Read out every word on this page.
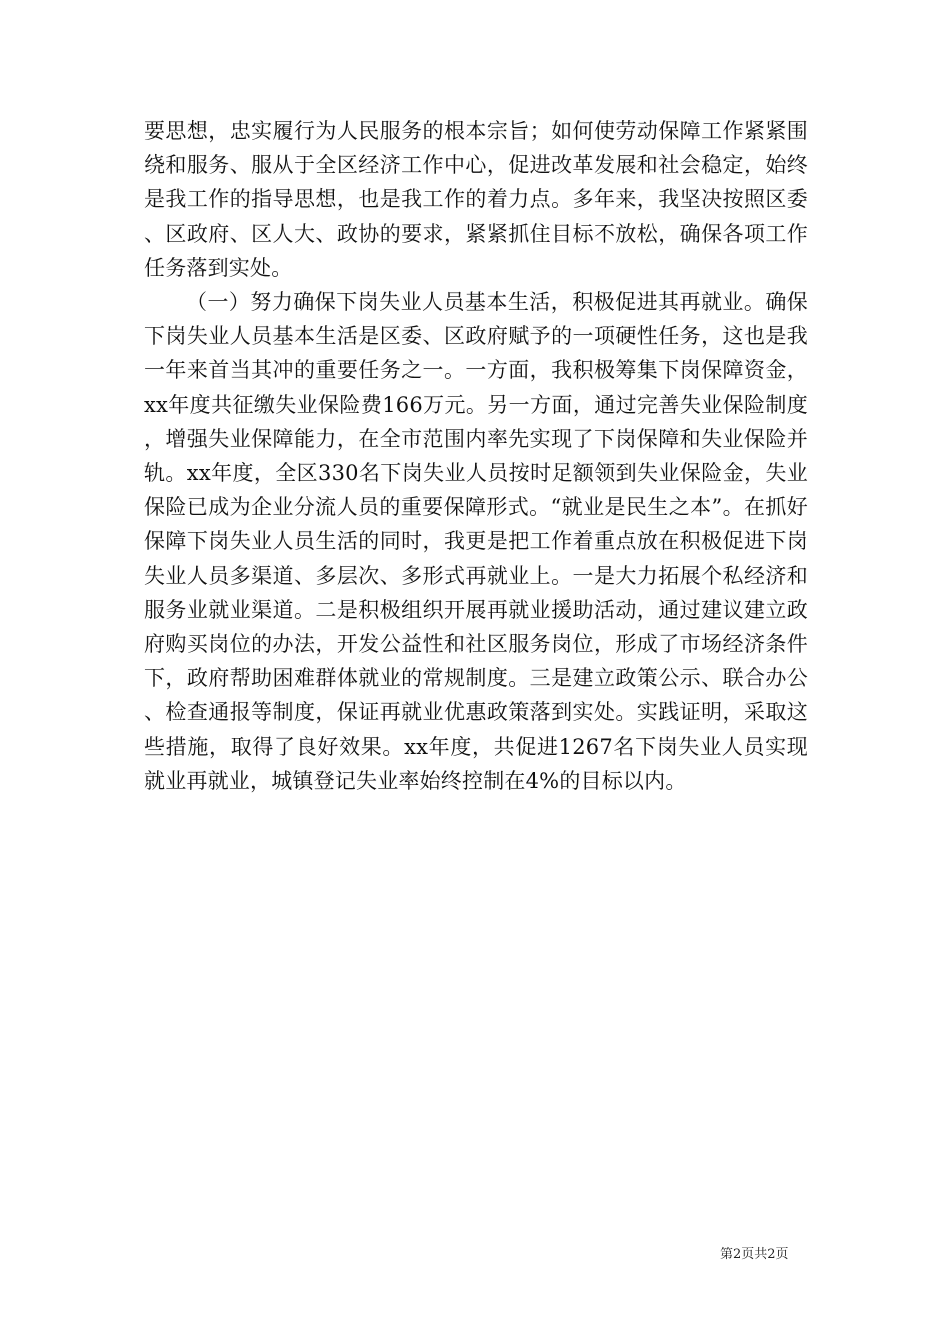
要思想，忠实履行为人民服务的根本宗旨；如何使劳动保障工作紧紧围绕和服务、服从于全区经济工作中心，促进改革发展和社会稳定，始终是我工作的指导思想，也是我工作的着力点。多年来，我坚决按照区委、区政府、区人大、政协的要求，紧紧抓住目标不放松，确保各项工作任务落到实处。

（一）努力确保下岗失业人员基本生活，积极促进其再就业。确保下岗失业人员基本生活是区委、区政府赋予的一项硬性任务，这也是我一年来首当其冲的重要任务之一。一方面，我积极筹集下岗保障资金，xx年度共征缴失业保险费166万元。另一方面，通过完善失业保险制度，增强失业保障能力，在全市范围内率先实现了下岗保障和失业保险并轨。xx年度，全区330名下岗失业人员按时足额领到失业保险金，失业保险已成为企业分流人员的重要保障形式。“就业是民生之本”。在抓好保障下岗失业人员生活的同时，我更是把工作着重点放在积极促进下岗失业人员多渠道、多层次、多形式再就业上。一是大力拓展个私经济和服务业就业渠道。二是积极组织开展再就业援助活动，通过建议建立政府购买岗位的办法，开发公益性和社区服务岗位，形成了市场经济条件下，政府帮助困难群体就业的常规制度。三是建立政策公示、联合办公、检查通报等制度，保证再就业优惠政策落到实处。实践证明，采取这些措施，取得了良好效果。xx年度，共促进1267名下岗失业人员实现就业再就业，城镇登记失业率始终控制在4%的目标以内。

第2页共2页
